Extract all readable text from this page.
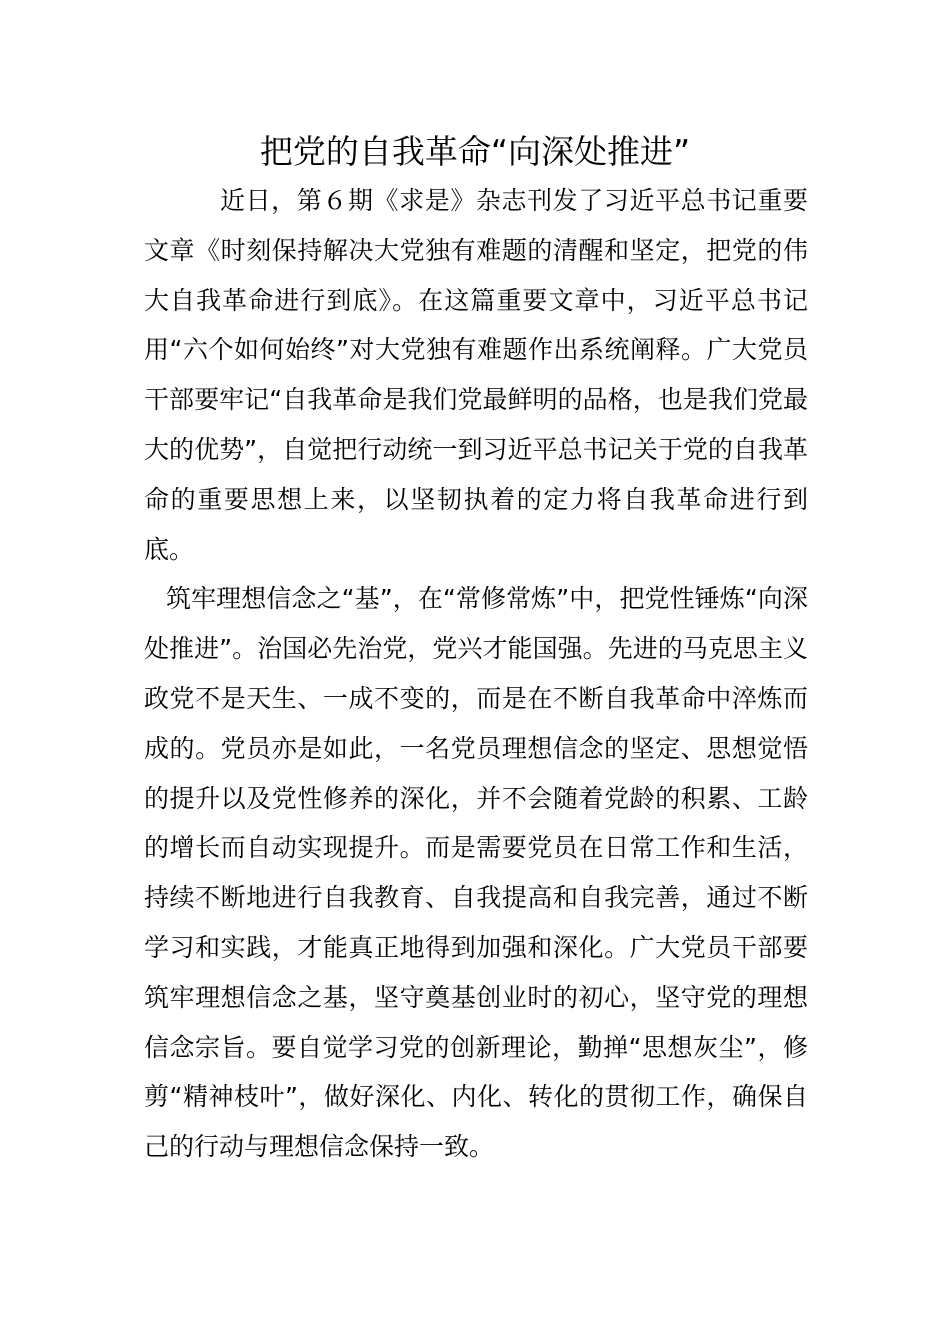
把党的自我革命“向深处推进”

近日，第６期《求是》杂志刊发了习近平总书记重要文章《时刻保持解决大党独有难题的清醒和坚定，把党的伟大自我革命进行到底》。在这篇重要文章中，习近平总书记用“六个如何始终”对大党独有难题作出系统阐释。广大党员干部要牢记“自我革命是我们党最鲜明的品格，也是我们党最大的优势”，自觉把行动统一到习近平总书记关于党的自我革命的重要思想上来，以坚韧执着的定力将自我革命进行到底。

筑牢理想信念之“基”，在“常修常炼”中，把党性锤炼“向深处推进”。治国必先治党，党兴才能国强。先进的马克思主义政党不是天生、一成不变的，而是在不断自我革命中淬炼而成的。党员亦是如此，一名党员理想信念的坚定、思想觉悟的提升以及党性修养的深化，并不会随着党龄的积累、工龄的增长而自动实现提升。而是需要党员在日常工作和生活，持续不断地进行自我教育、自我提高和自我完善，通过不断学习和实践，才能真正地得到加强和深化。广大党员干部要筑牢理想信念之基，坚守奠基创业时的初心，坚守党的理想信念宗旨。要自觉学习党的创新理论，勤掸“思想灰尘”，修剪“精神枝叶”，做好深化、内化、转化的贯彻工作，确保自己的行动与理想信念保持一致。
